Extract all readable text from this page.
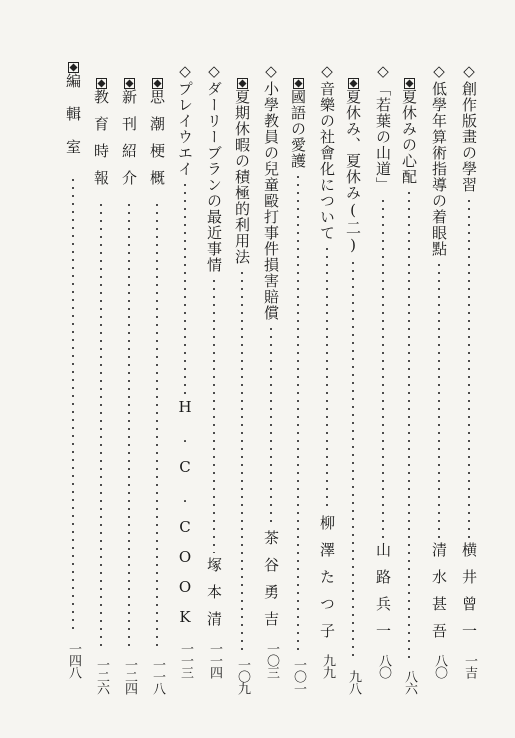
◇創作版畫の學習
横井曾一
一吉
◇低學年算術指導の着眼點
清水甚吾
八〇
夏休みの心配
八六
◇「若葉の山道」
山路兵一
八〇
夏休み、夏休み(二)
九八
◇音樂の社會化について
柳澤たつ子
九九
國語の愛護
一〇一
◇小學教員の兒童毆打事件損害賠償
茶谷勇吉
一〇三
夏期休暇の積極的利用法
一〇九
◇ダーリーブランの最近事情
塚本清
一一四
◇プレイウエイ
H.C.COOK
一一三
思潮梗概
一一八
新刊紹介
一二四
教育時報
一二六
編輯室
一四八
